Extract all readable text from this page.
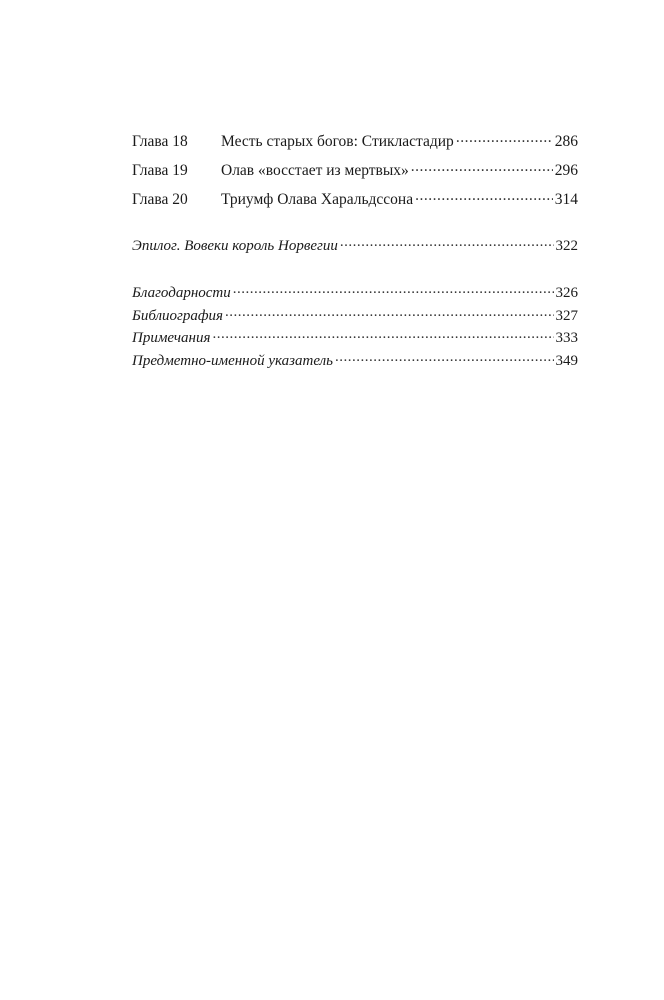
Глава 18	Месть старых богов: Стикластадир .....	286
Глава 19	Олав «восстает из мертвых» .....	296
Глава 20	Триумф Олава Харальдссона .....	314
Эпилог. Вовеки король Норвегии .....	322
Благодарности .....	326
Библиография .....	327
Примечания .....	333
Предметно-именной указатель .....	349
